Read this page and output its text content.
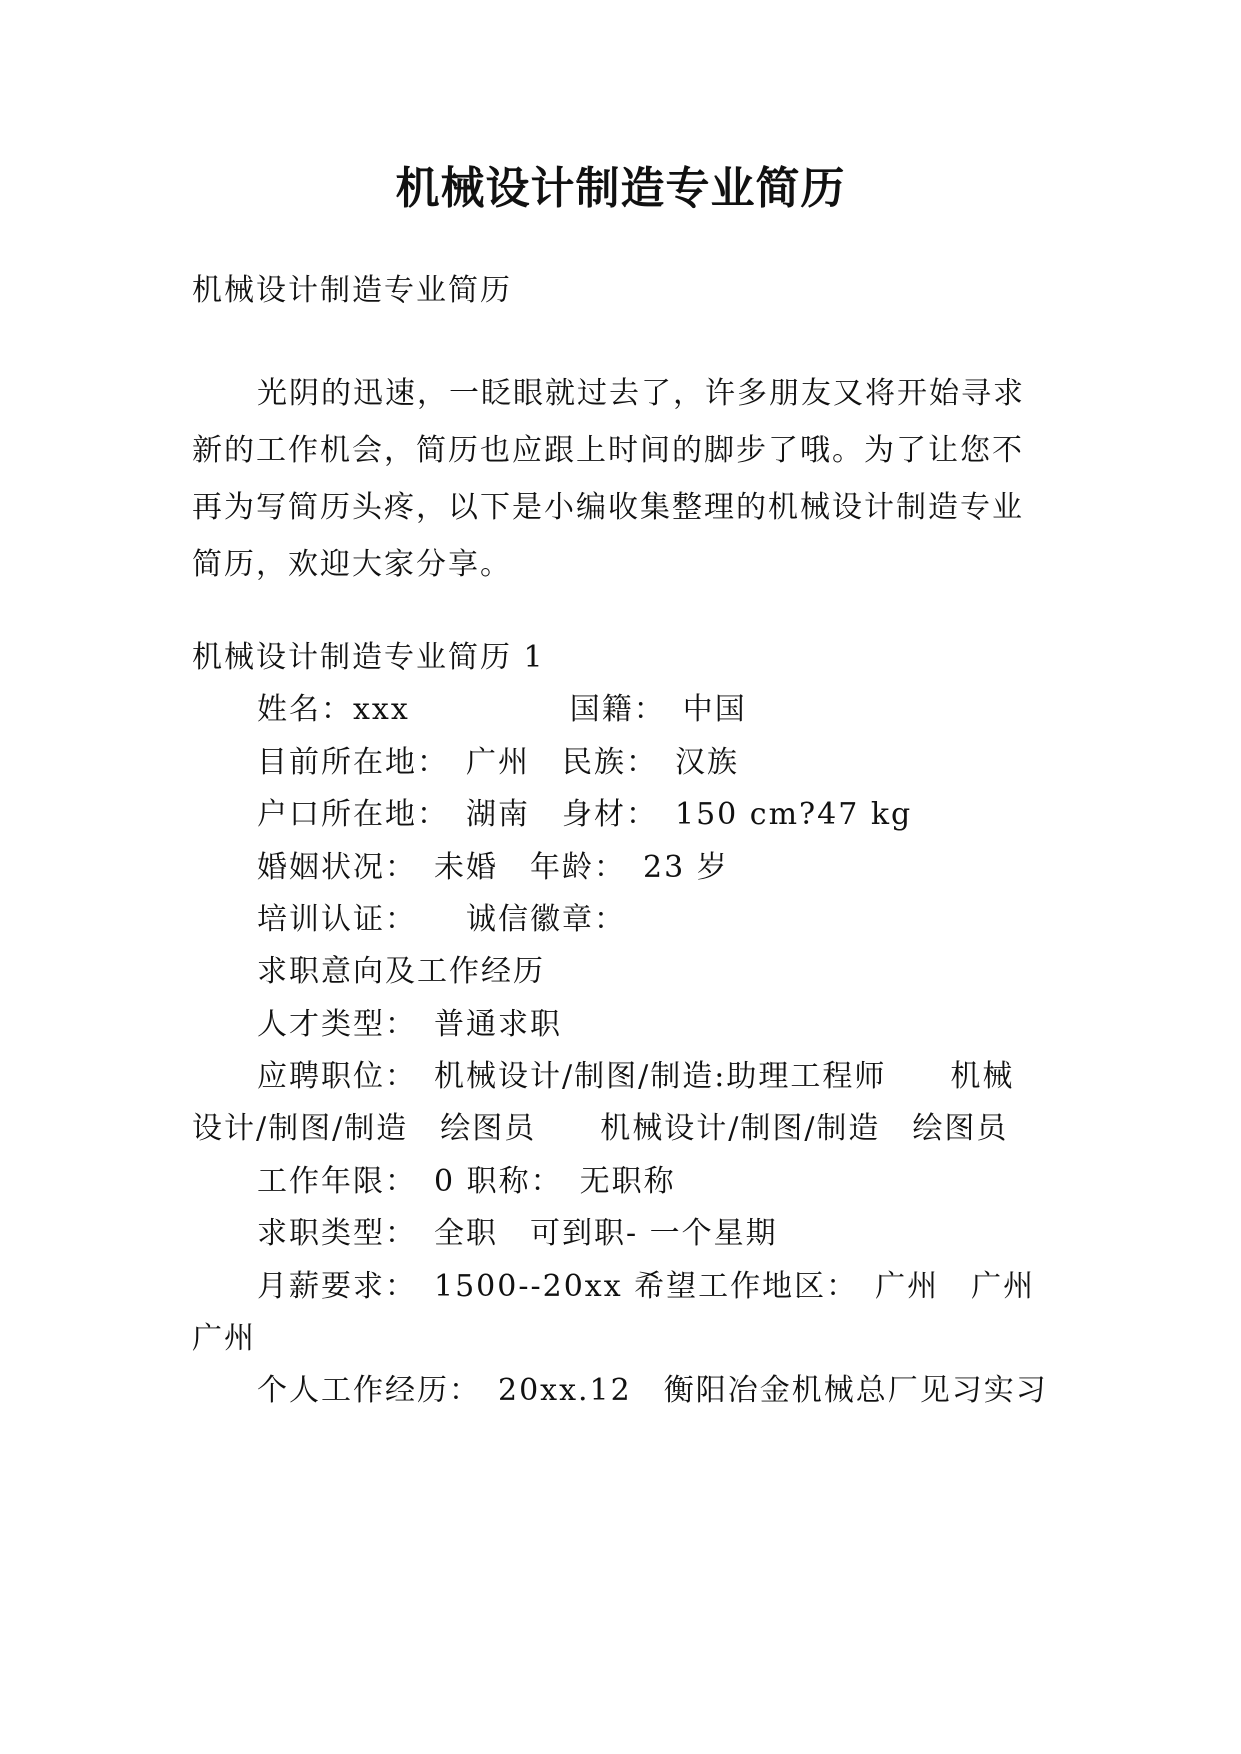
机械设计制造专业简历
机械设计制造专业简历
光阴的迅速，一眨眼就过去了，许多朋友又将开始寻求
新的工作机会，简历也应跟上时间的脚步了哦。为了让您不
再为写简历头疼，以下是小编收集整理的机械设计制造专业
简历，欢迎大家分享。
机械设计制造专业简历 1
姓名：xxx　　　　　国籍：　中国
目前所在地：　广州　民族：　汉族
户口所在地：　湖南　身材：　150 cm?47 kg
婚姻状况：　未婚　年龄：　23 岁
培训认证：　　诚信徽章：
求职意向及工作经历
人才类型：　普通求职
应聘职位：　机械设计/制图/制造:助理工程师　　机械
设计/制图/制造　绘图员　　机械设计/制图/制造　绘图员
工作年限：　0 职称：　无职称
求职类型：　全职　可到职- 一个星期
月薪要求：　1500--20xx 希望工作地区：　广州　广州
广州
个人工作经历：　20xx.12　衡阳冶金机械总厂见习实习
